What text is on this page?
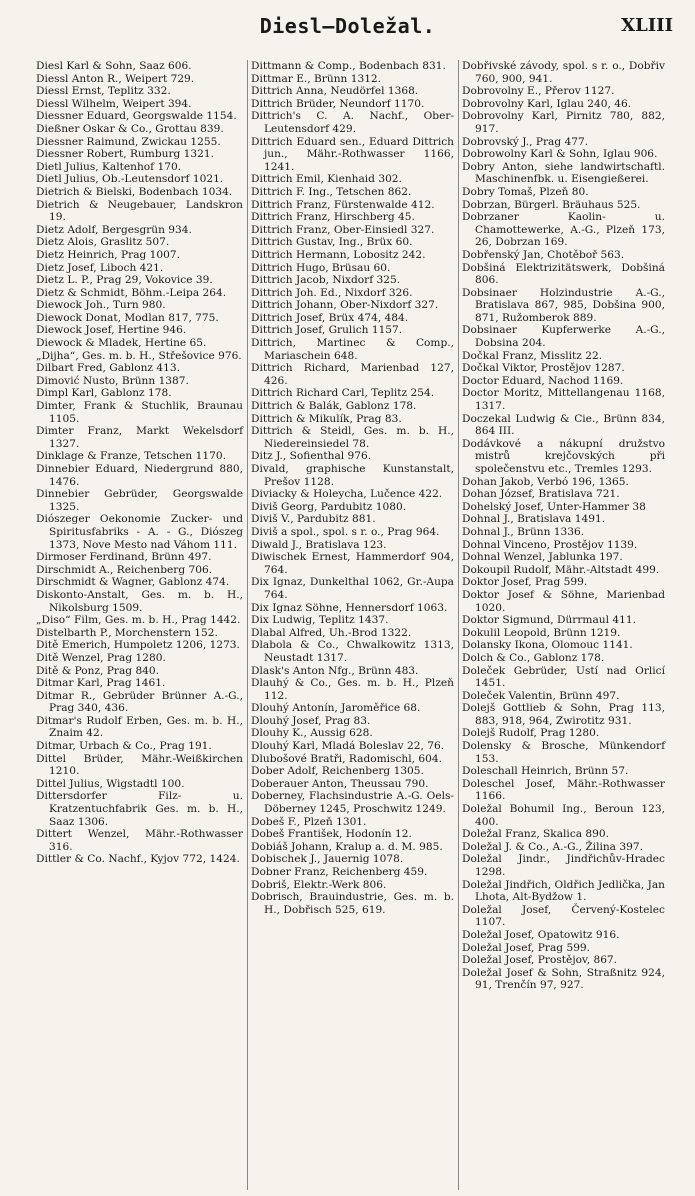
Diesl—Doležal.	XLIII

Diesl Karl & Sohn, Saaz 606.

Diessl Anton R., Weipert 729.

Diessl Ernst, Teplitz 332.

Diessl Wilhelm, Weipert 394.

Diessner Eduard, Georgswalde 1154.

Dießner Oskar & Co., Grottau 839.

Diessner Raimund, Zwickau 1255.

Diessner Robert, Rumburg 1321.

Dietl Julius, Kaltenhof 170.

Dietl Julius, Ob.-Leutensdorf 1021.

Dietrich & Bielski, Bodenbach 1034.

Dietrich & Neugebauer, Landskron 19.

Dietz Adolf, Bergesgrün 934.

Dietz Alois, Graslitz 507.

Dietz Heinrich, Prag 1007.

Dietz Josef, Liboch 421.

Dietz L. P., Prag 29, Vokovice 39.

Dietz & Schmidt, Böhm.-Leipa 264.

Diewock Joh., Turn 980.

Diewock Donat, Modlan 817, 775.

Diewock Josef, Hertine 946.

Diewock & Mladek, Hertine 65.

„Dijha“, Ges. m. b. H., Střešovice 976.

Dilbart Fred, Gablonz 413.

Dimović Nusto, Brünn 1387.

Dimpl Karl, Gablonz 178.

Dimter, Frank & Stuchlik, Braunau 1105.

Dimter Franz, Markt Wekelsdorf 1327.

Dinklage & Franze, Tetschen 1170.

Dinnebier Eduard, Niedergrund 880, 1476.

Dinnebier Gebrüder, Georgswalde 1325.

Diószeger Oekonomie Zucker- und Spiritusfabriks - A. - G., Diószeg 1373, Nove Mesto nad Váhom 111.

Dirmoser Ferdinand, Brünn 497.

Dirschmidt A., Reichenberg 706.

Dirschmidt & Wagner, Gablonz 474.

Diskonto-Anstalt, Ges. m. b. H., Nikolsburg 1509.

„Diso“ Film, Ges. m. b. H., Prag 1442.

Distelbarth P., Morchenstern 152.

Ditě Emerich, Humpoletz 1206, 1273.

Ditě Wenzel, Prag 1280.

Ditě & Ponz, Prag 840.

Ditmar Karl, Prag 1461.

Ditmar R., Gebrüder Brünner A.-G., Prag 340, 436.

Ditmar's Rudolf Erben, Ges. m. b. H., Znaim 42.

Ditmar, Urbach & Co., Prag 191.

Dittel Brüder, Mähr.-Weißkirchen 1210.

Dittel Julius, Wigstadtl 100.

Dittersdorfer Filz- u. Kratzentuchfabrik Ges. m. b. H., Saaz 1306.

Dittert Wenzel, Mähr.-Rothwasser 316.

Dittler & Co. Nachf., Kyjov 772, 1424.

Dittmann & Comp., Bodenbach 831.

Dittmar E., Brünn 1312.

Dittrich Anna, Neudörfel 1368.

Dittrich Brüder, Neundorf 1170.

Dittrich's C. A. Nachf., Ober-Leutensdorf 429.

Dittrich Eduard sen., Eduard Dittrich jun., Mähr.-Rothwasser 1166, 1241.

Dittrich Emil, Kienhaid 302.

Dittrich F. Ing., Tetschen 862.

Dittrich Franz, Fürstenwalde 412.

Dittrich Franz, Hirschberg 45.

Dittrich Franz, Ober-Einsiedl 327.

Dittrich Gustav, Ing., Brüx 60.

Dittrich Hermann, Lobositz 242.

Dittrich Hugo, Brüsau 60.

Dittrich Jacob, Nixdorf 325.

Dittrich Joh. Ed., Nixdorf 326.

Dittrich Johann, Ober-Nixdorf 327.

Dittrich Josef, Brüx 474, 484.

Dittrich Josef, Grulich 1157.

Dittrich, Martinec & Comp., Mariaschein 648.

Dittrich Richard, Marienbad 127, 426.

Dittrich Richard Carl, Teplitz 254.

Dittrich & Balák, Gablonz 178.

Dittrich & Mikulík, Prag 83.

Dittrich & Steidl, Ges. m. b. H., Niedereinsiedel 78.

Ditz J., Sofienthal 976.

Divald, graphische Kunstanstalt, Prešov 1128.

Diviacky & Holeycha, Lučence 422.

Diviš Georg, Pardubitz 1080.

Diviš V., Pardubitz 881.

Diviš a spol., spol. s r. o., Prag 964.

Diwald J., Bratislava 123.

Diwischek Ernest, Hammerdorf 904, 764.

Dix Ignaz, Dunkelthal 1062, Gr.-Aupa 764.

Dix Ignaz Söhne, Hennersdorf 1063.

Dix Ludwig, Teplitz 1437.

Dlabal Alfred, Uh.-Brod 1322.

Dlabola & Co., Chwalkowitz 1313, Neustadt 1317.

Dlask's Anton Nfg., Brünn 483.

Dlauhý & Co., Ges. m. b. H., Plzeň 112.

Dlouhý Antonín, Jaroměřice 68.

Dlouhý Josef, Prag 83.

Dlouhy K., Aussig 628.

Dlouhý Karl, Mladá Boleslav 22, 76.

Dlubošové Bratři, Radomischl, 604.

Dober Adolf, Reichenberg 1305.

Doberauer Anton, Theussau 790.

Doberney, Flachsindustrie A.-G. Oels-Döberney 1245, Proschwitz 1249.

Dobeš F., Plzeň 1301.

Dobeš František, Hodonín 12.

Dobiáš Johann, Kralup a. d. M. 985.

Dobischek J., Jauernig 1078.

Dobner Franz, Reichenberg 459.

Dobriš, Elektr.-Werk 806.

Dobrisch, Brauindustrie, Ges. m. b. H., Dobřisch 525, 619.

Dobřivské závody, spol. s r. o., Dobřiv 760, 900, 941.

Dobrovolny E., Přerov 1127.

Dobrovolny Karl, Iglau 240, 46.

Dobrovolny Karl, Pirnitz 780, 882, 917.

Dobrovský J., Prag 477.

Dobrowolny Karl & Sohn, Iglau 906.

Dobry Anton, siehe landwirtschaftl. Maschinenfbk. u. Eisengießerei.

Dobry Tomaš, Plzeň 80.

Dobrzan, Bürgerl. Bräuhaus 525.

Dobrzaner Kaolin- u. Chamottewerke, A.-G., Plzeň 173, 26, Dobrzan 169.

Dobřenský Jan, Chotěboř 563.

Dobšiná Elektrizitätswerk, Dobšiná 806.

Dobsinaer Holzindustrie A.-G., Bratislava 867, 985, Dobšina 900, 871, Ružomberok 889.

Dobsinaer Kupferwerke A.-G., Dobsina 204.

Dočkal Franz, Misslitz 22.

Dočkal Viktor, Prostějov 1287.

Doctor Eduard, Nachod 1169.

Doctor Moritz, Mittellangenau 1168, 1317.

Doczekal Ludwig & Cie., Brünn 834, 864 III.

Dodávkové a nákupní družstvo mistrů krejčovských při společenstvu etc., Tremles 1293.

Dohan Jakob, Verbó 196, 1365.

Dohan József, Bratislava 721.

Dohelský Josef, Unter-Hammer 38

Dohnal J., Bratislava 1491.

Dohnal J., Brünn 1336.

Dohnal Vinceno, Prostějov 1139.

Dohnal Wenzel, Jablunka 197.

Dokoupil Rudolf, Mähr.-Altstadt 499.

Doktor Josef, Prag 599.

Doktor Josef & Söhne, Marienbad 1020.

Doktor Sigmund, Dürrmaul 411.

Dokulil Leopold, Brünn 1219.

Dolansky Ikona, Olomouc 1141.

Dolch & Co., Gablonz 178.

Doleček Gebrüder, Ustí nad Orlicí 1451.

Doleček Valentin, Brünn 497.

Dolejš Gottlieb & Sohn, Prag 113, 883, 918, 964, Zwirotitz 931.

Dolejš Rudolf, Prag 1280.

Dolensky & Brosche, Münkendorf 153.

Doleschall Heinrich, Brünn 57.

Doleschel Josef, Mähr.-Rothwasser 1166.

Doležal Bohumil Ing., Beroun 123, 400.

Doležal Franz, Skalica 890.

Doležal J. & Co., A.-G., Žilina 397.

Doležal Jindr., Jindřichův-Hradec 1298.

Doležal Jindřich, Oldřich Jedlička, Jan Lhota, Alt-Bydžow 1.

Doležal Josef, Červený-Kostelec 1107.

Doležal Josef, Opatowitz 916.

Doležal Josef, Prag 599.

Doležal Josef, Prostějov, 867.

Doležal Josef & Sohn, Straßnitz 924, 91, Trenčín 97, 927.
